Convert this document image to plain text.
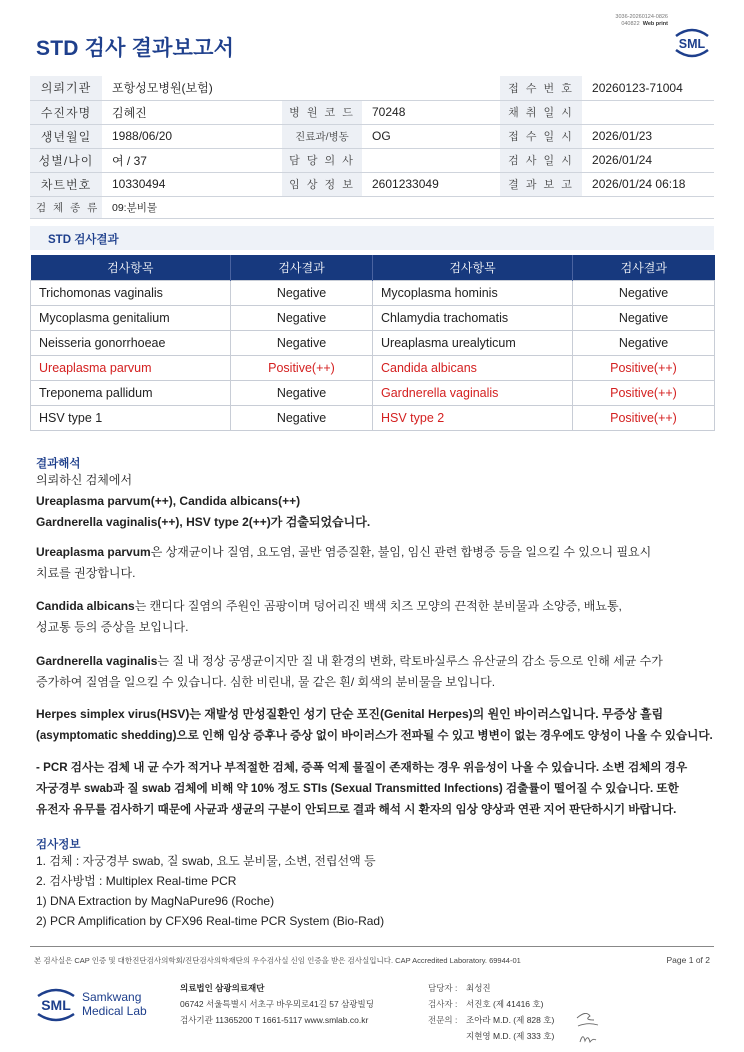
3036-20260124-0826
040822 Web print
STD 검사 결과보고서	SML
의뢰기관	포항성모병원(보험)			접 수 번 호	20260123-71004
수진자명	김혜진	병 원 코 드	70248	채 취 일 시	
생년월일	1988/06/20	진료과/병동	OG	접 수 일 시	2026/01/23
성별/나이	여 / 37	담 당 의 사		검 사 일 시	2026/01/24
차트번호	10330494	임 상 정 보	2601233049	결 과 보 고	2026/01/24 06:18
검 체 종 류	09:분비물				
STD 검사결과
검사항목	검사결과	검사항목	검사결과
Trichomonas vaginalis	Negative	Mycoplasma hominis	Negative
Mycoplasma genitalium	Negative	Chlamydia trachomatis	Negative
Neisseria gonorrhoeae	Negative	Ureaplasma urealyticum	Negative
Ureaplasma parvum	Positive(++)	Candida albicans	Positive(++)
Treponema pallidum	Negative	Gardnerella vaginalis	Positive(++)
HSV type 1	Negative	HSV type 2	Positive(++)
결과해석
의뢰하신 검체에서
Ureaplasma parvum(++), Candida albicans(++)
Gardnerella vaginalis(++), HSV type 2(++)가 검출되었습니다.
Ureaplasma parvum은 상재균이나 질염, 요도염, 골반 염증질환, 불임, 임신 관련 합병증 등을 일으킬 수 있으니 필요시
치료를 권장합니다.
Candida albicans는 캔디다 질염의 주원인 곰팡이며 덩어리진 백색 치즈 모양의 끈적한 분비물과 소양증, 배뇨통,
성교통 등의 증상을 보입니다.
Gardnerella vaginalis는 질 내 정상 공생균이지만 질 내 환경의 변화, 락토바실루스 유산균의 감소 등으로 인해 세균 수가
증가하여 질염을 일으킬 수 있습니다. 심한 비린내, 물 같은 흰/ 회색의 분비물을 보입니다.
Herpes simplex virus(HSV)는 재발성 만성질환인 성기 단순 포진(Genital Herpes)의 원인 바이러스입니다. 무증상 흘림
(asymptomatic shedding)으로 인해 임상 증후나 증상 없이 바이러스가 전파될 수 있고 병변이 없는 경우에도 양성이 나올 수 있습니다.
- PCR 검사는 검체 내 균 수가 적거나 부적절한 검체, 증폭 억제 물질이 존재하는 경우 위음성이 나올 수 있습니다. 소변 검체의 경우
자궁경부 swab과 질 swab 검체에 비해 약 10% 정도 STIs (Sexual Transmitted Infections) 검출률이 떨어질 수 있습니다. 또한
유전자 유무를 검사하기 때문에 사균과 생균의 구분이 안되므로 결과 해석 시 환자의 임상 양상과 연관 지어 판단하시기 바랍니다.
검사정보
1. 검체 : 자궁경부 swab, 질 swab, 요도 분비물, 소변, 전립선액 등
2. 검사방법 : Multiplex Real-time PCR
1) DNA Extraction by MagNaPure96 (Roche)
2) PCR Amplification by CFX96 Real-time PCR System (Bio-Rad)
본 검사실은 CAP 인증 및 대한진단검사의학회/진단검사의학재단의 우수검사실 신임 인증을 받은 검사실입니다. CAP Accredited Laboratory. 69944-01	Page 1 of 2
SML Samkwang
Medical Lab
의료법인 삼광의료재단
06742 서울특별시 서초구 바우뫼로41길 57 삼광빌딩
검사기관 11365200 T 1661-5117 www.smlab.co.kr
담당자 : 최성진
검사자 : 서진호 (제 41416 호)
전문의 : 조아라 M.D. (제 828 호)
지현영 M.D. (제 333 호)
